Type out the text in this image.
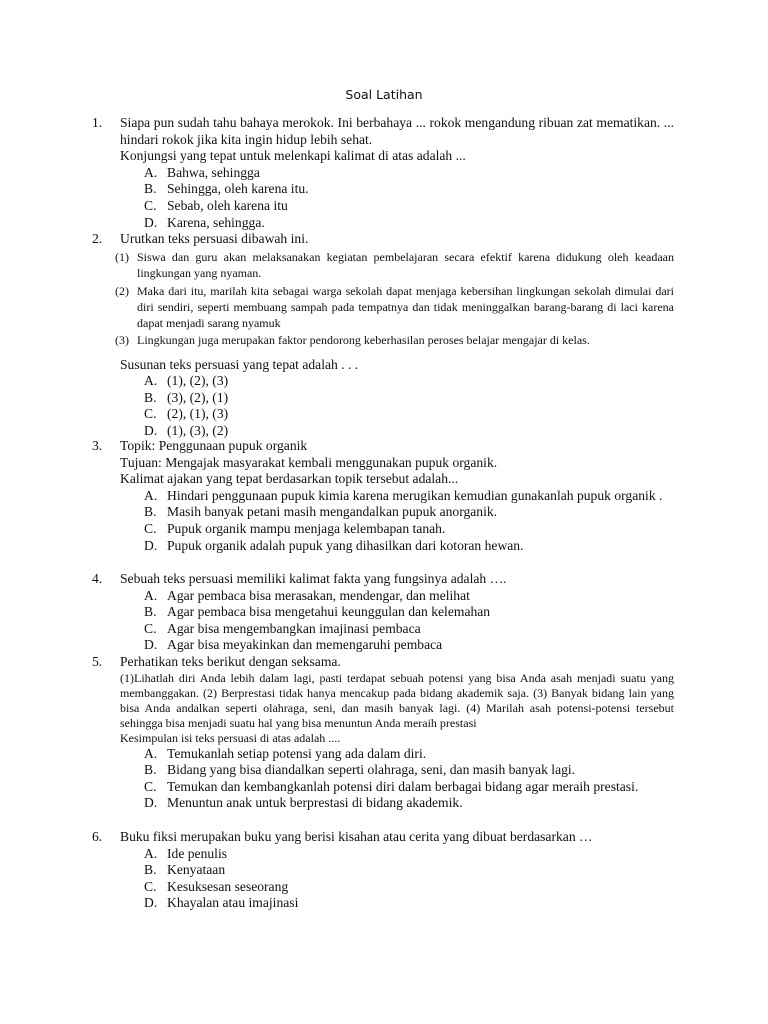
Soal Latihan
1.	Siapa pun sudah tahu bahaya merokok. Ini berbahaya ... rokok mengandung ribuan zat mematikan. ... hindari rokok jika kita ingin hidup lebih sehat.
Konjungsi yang tepat untuk melenkapi kalimat di atas adalah ...
A. Bahwa, sehingga
B. Sehingga, oleh karena itu.
C. Sebab, oleh karena itu
D. Karena, sehingga.
2.	Urutkan teks persuasi dibawah ini.
(1) Siswa dan guru akan melaksanakan kegiatan pembelajaran secara efektif karena didukung oleh keadaan lingkungan yang nyaman.
(2) Maka dari itu, marilah kita sebagai warga sekolah dapat menjaga kebersihan lingkungan sekolah dimulai dari diri sendiri, seperti membuang sampah pada tempatnya dan tidak meninggalkan barang-barang di laci karena dapat menjadi sarang nyamuk
(3) Lingkungan juga merupakan faktor pendorong keberhasilan peroses belajar mengajar di kelas.
Susunan teks persuasi yang tepat adalah . . .
A. (1), (2), (3)
B. (3), (2), (1)
C. (2), (1), (3)
D. (1), (3), (2)
3.	Topik: Penggunaan pupuk organik
Tujuan: Mengajak masyarakat kembali menggunakan pupuk organik.
Kalimat ajakan yang tepat berdasarkan topik tersebut adalah...
A. Hindari penggunaan pupuk kimia karena merugikan kemudian gunakanlah pupuk organik .
B. Masih banyak petani masih mengandalkan pupuk anorganik.
C. Pupuk organik mampu menjaga kelembapan tanah.
D. Pupuk organik adalah pupuk yang dihasilkan dari kotoran hewan.
4.	Sebuah teks persuasi memiliki kalimat fakta yang fungsinya adalah ….
A. Agar pembaca bisa merasakan, mendengar, dan melihat
B. Agar pembaca bisa mengetahui keunggulan dan kelemahan
C. Agar bisa mengembangkan imajinasi pembaca
D. Agar bisa meyakinkan dan memengaruhi pembaca
5.	Perhatikan teks berikut dengan seksama.
(1)Lihatlah diri Anda lebih dalam lagi, pasti terdapat sebuah potensi yang bisa Anda asah menjadi suatu yang membanggakan. (2) Berprestasi tidak hanya mencakup pada bidang akademik saja. (3) Banyak bidang lain yang bisa Anda andalkan seperti olahraga, seni, dan masih banyak lagi. (4) Marilah asah potensi-potensi tersebut sehingga bisa menjadi suatu hal yang bisa menuntun Anda meraih prestasi
Kesimpulan isi teks persuasi di atas adalah ....
A. Temukanlah setiap potensi yang ada dalam diri.
B. Bidang yang bisa diandalkan seperti olahraga, seni, dan masih banyak lagi.
C. Temukan dan kembangkanlah potensi diri dalam berbagai bidang agar meraih prestasi.
D. Menuntun anak untuk berprestasi di bidang akademik.
6.	Buku fiksi merupakan buku yang berisi kisahan atau cerita yang dibuat berdasarkan …
A. Ide penulis
B. Kenyataan
C. Kesuksesan seseorang
D. Khayalan atau imajinasi
